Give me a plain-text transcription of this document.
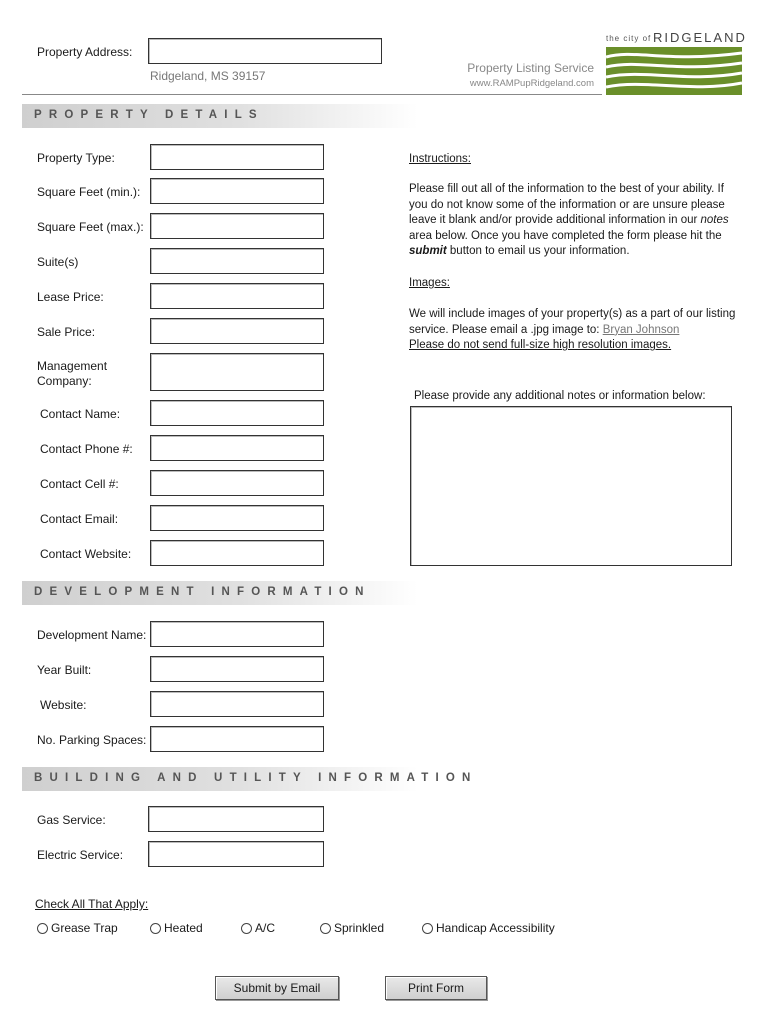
Property Address:
Ridgeland, MS 39157
Property Listing Service
www.RAMPupRidgeland.com
the city of RIDGELAND
PROPERTY DETAILS
Property Type:
Square Feet (min.):
Square Feet (max.):
Suite(s)
Lease Price:
Sale Price:
Management
Company:
Contact Name:
Contact Phone #:
Contact Cell #:
Contact Email:
Contact Website:
Instructions:
Please fill out all of the information to the best of your ability. If
you do not know some of the information or are unsure please
leave it blank and/or provide additional information in our notes
area below. Once you have completed the form please hit the
submit button to email us your information.
Images:
We will include images of your property(s) as a part of our listing
service. Please email a .jpg image to: Bryan Johnson
Please do not send full-size high resolution images.
Please provide any additional notes or information below:
DEVELOPMENT INFORMATION
Development Name:
Year Built:
Website:
No. Parking Spaces:
BUILDING AND UTILITY INFORMATION
Gas Service:
Electric Service:
Check All That Apply:
Grease Trap	Heated	A/C	Sprinkled	Handicap Accessibility
Submit by Email	Print Form
